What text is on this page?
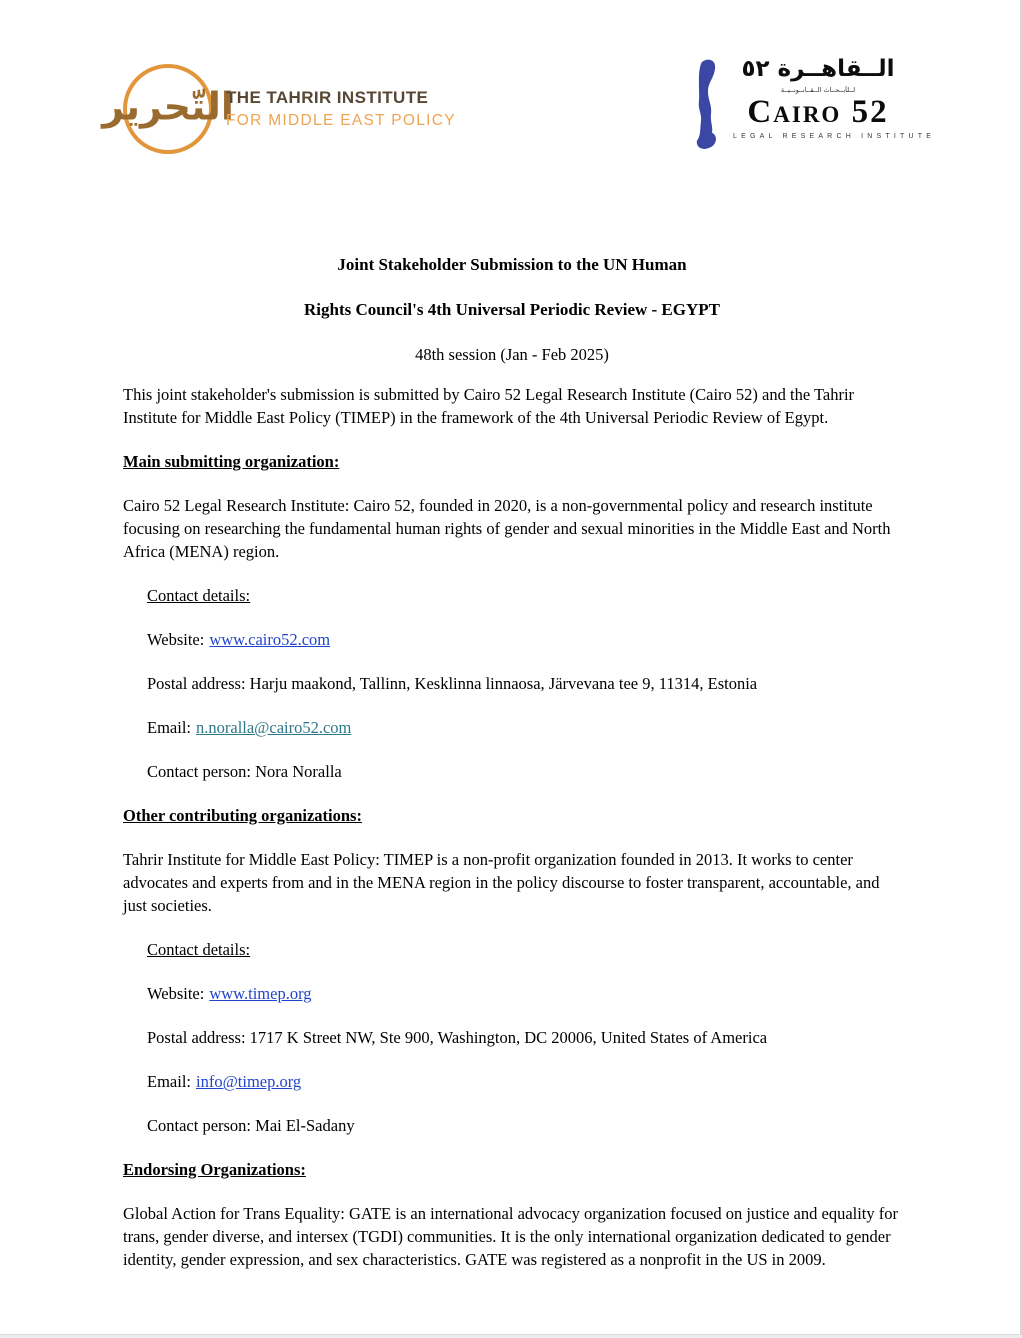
التّحرير
THE TAHRIR INSTITUTE
FOR MIDDLE EAST POLICY
الــقاهــرة ٥٢
لــلأبــحــاث الــقــانــونــيــة
Cairo 52
LEGAL RESEARCH INSTITUTE

Joint Stakeholder Submission to the UN Human

Rights Council's 4th Universal Periodic Review - EGYPT

48th session (Jan - Feb 2025)

This joint stakeholder's submission is submitted by Cairo 52 Legal Research Institute (Cairo 52) and the Tahrir Institute for Middle East Policy (TIMEP) in the framework of the 4th Universal Periodic Review of Egypt.

Main submitting organization:

Cairo 52 Legal Research Institute: Cairo 52, founded in 2020, is a non-governmental policy and research institute focusing on researching the fundamental human rights of gender and sexual minorities in the Middle East and North Africa (MENA) region.

Contact details:

Website: www.cairo52.com

Postal address: Harju maakond, Tallinn, Kesklinna linnaosa, Järvevana tee 9, 11314, Estonia

Email: n.noralla@cairo52.com

Contact person: Nora Noralla

Other contributing organizations:

Tahrir Institute for Middle East Policy: TIMEP is a non-profit organization founded in 2013. It works to center advocates and experts from and in the MENA region in the policy discourse to foster transparent, accountable, and just societies.

Contact details:

Website: www.timep.org

Postal address: 1717 K Street NW, Ste 900, Washington, DC 20006, United States of America

Email: info@timep.org

Contact person: Mai El-Sadany

Endorsing Organizations:

Global Action for Trans Equality: GATE is an international advocacy organization focused on justice and equality for trans, gender diverse, and intersex (TGDI) communities. It is the only international organization dedicated to gender identity, gender expression, and sex characteristics. GATE was registered as a nonprofit in the US in 2009.
